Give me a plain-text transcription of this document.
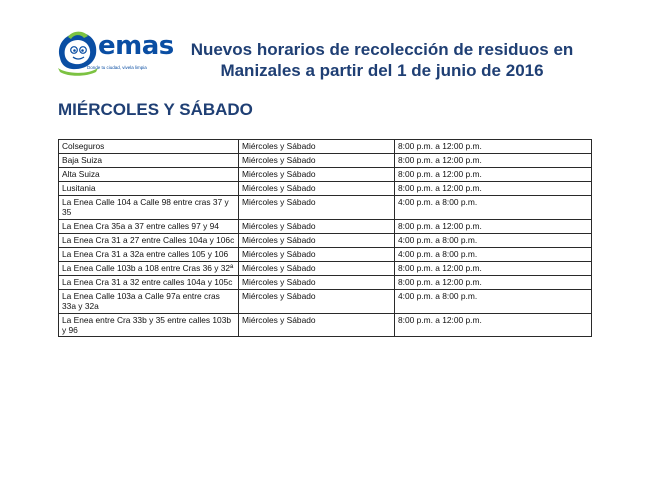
emas
Donde tu ciudad, vivela limpia
Nuevos horarios de recolección de residuos en
Manizales a partir del 1 de junio de 2016
MIÉRCOLES Y SÁBADO
Colseguros	Miércoles y Sábado	8:00 p.m. a 12:00 p.m.
Baja Suiza	Miércoles y Sábado	8:00 p.m. a 12:00 p.m.
Alta Suiza	Miércoles y Sábado	8:00 p.m. a 12:00 p.m.
Lusitania	Miércoles y Sábado	8:00 p.m. a 12:00 p.m.
La Enea Calle 104 a Calle 98 entre cras 37 y 35	Miércoles y Sábado	4:00 p.m. a 8:00 p.m.
La Enea Cra 35a a 37 entre calles 97 y 94	Miércoles y Sábado	8:00 p.m. a 12:00 p.m.
La Enea Cra 31 a 27 entre Calles 104a y 106c	Miércoles y Sábado	4:00 p.m. a 8:00 p.m.
La Enea Cra 31 a 32a entre calles 105 y 106	Miércoles y Sábado	4:00 p.m. a 8:00 p.m.
La Enea Calle 103b a 108 entre Cras 36 y 32ª	Miércoles y Sábado	8:00 p.m. a 12:00 p.m.
La Enea Cra 31 a 32 entre calles 104a y 105c	Miércoles y Sábado	8:00 p.m. a 12:00 p.m.
La Enea Calle 103a a Calle 97a entre cras 33a y 32a	Miércoles y Sábado	4:00 p.m. a 8:00 p.m.
La Enea entre Cra 33b y 35 entre calles 103b y 96	Miércoles y Sábado	8:00 p.m. a 12:00 p.m.
